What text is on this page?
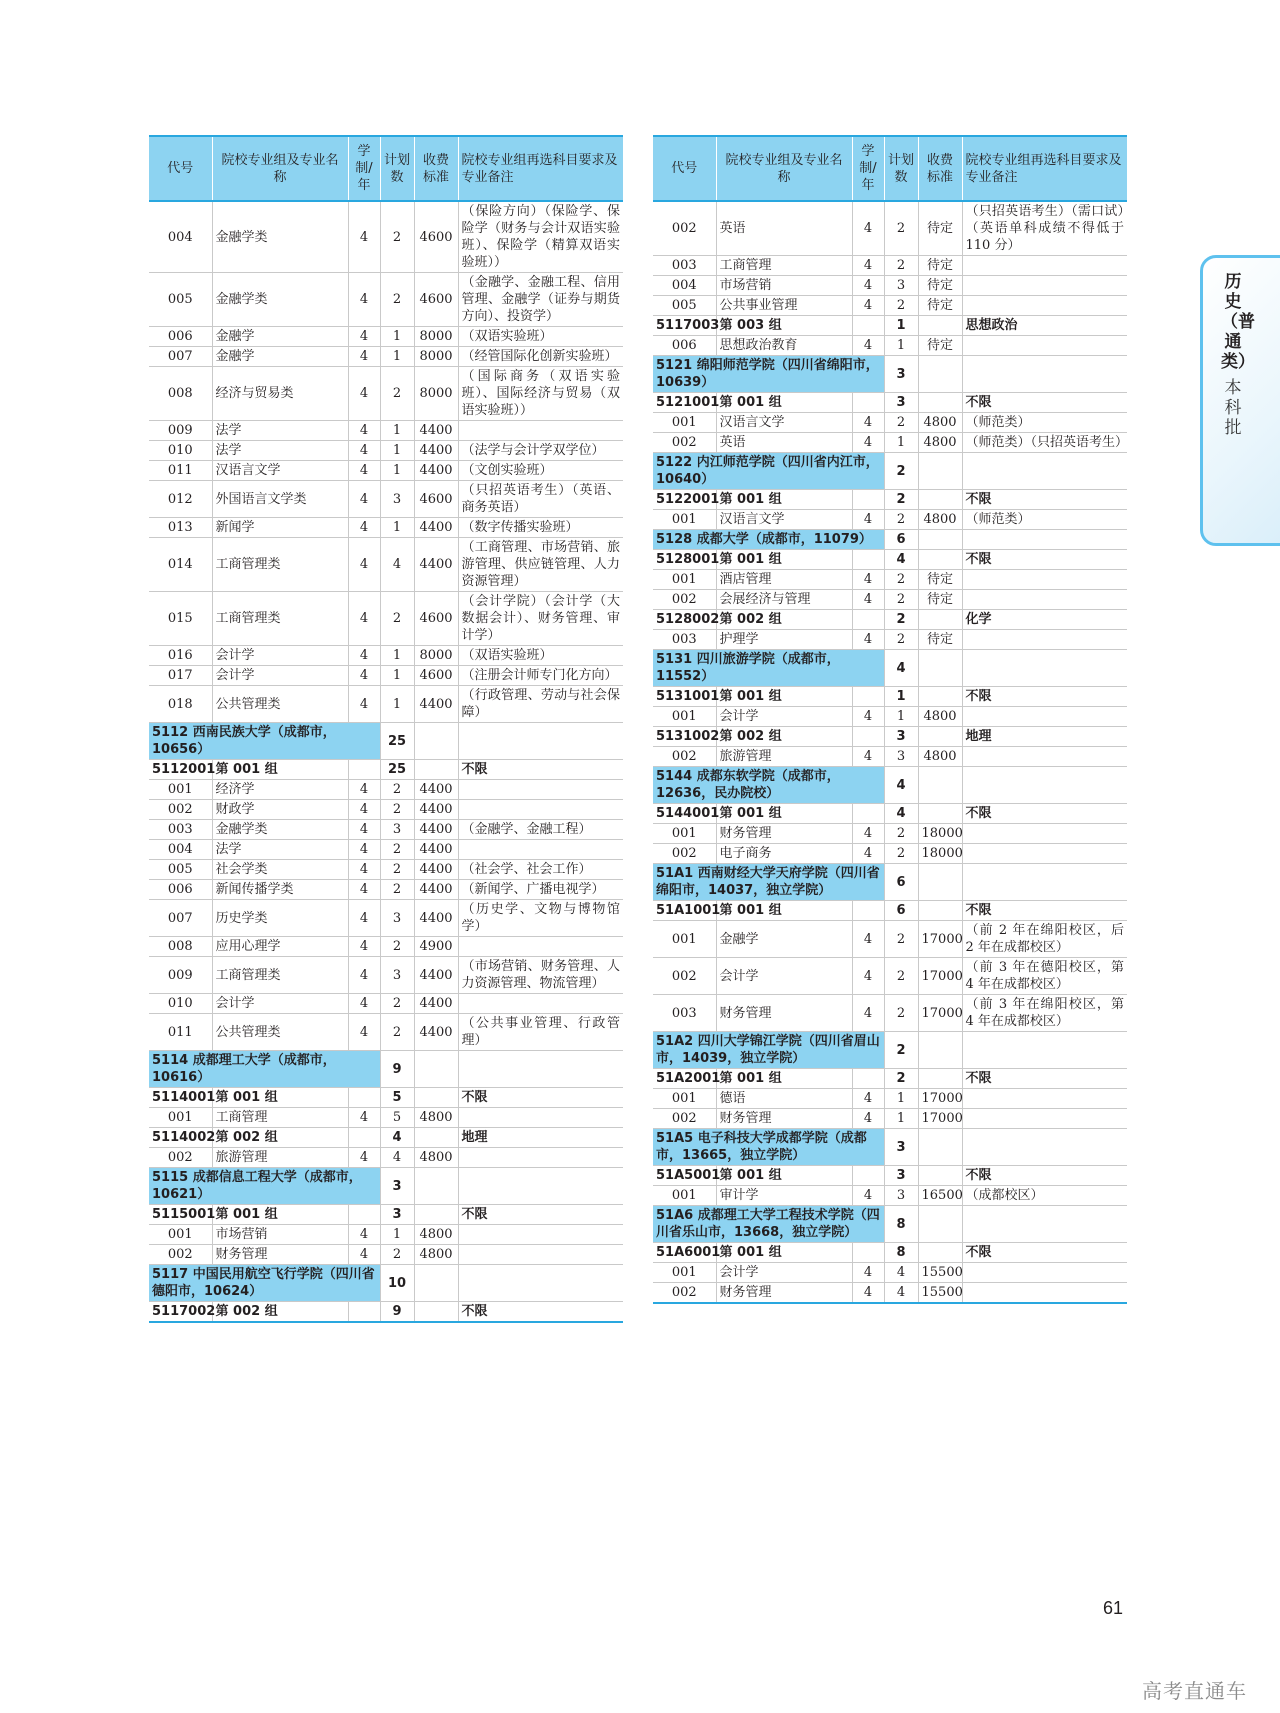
代号	院校专业组及专业名称	学制/年	计划数	收费标准	院校专业组再选科目要求及专业备注
004	金融学类	4	2	4600	（保险方向）（保险学、保险学（财务与会计双语实验班）、保险学（精算双语实验班））
005	金融学类	4	2	4600	（金融学、金融工程、信用管理、金融学（证券与期货方向）、投资学）
006	金融学	4	1	8000	（双语实验班）
007	金融学	4	1	8000	（经管国际化创新实验班）
008	经济与贸易类	4	2	8000	（国际商务（双语实验班）、国际经济与贸易（双语实验班））
009	法学	4	1	4400	
010	法学	4	1	4400	（法学与会计学双学位）
011	汉语言文学	4	1	4400	（文创实验班）
012	外国语言文学类	4	3	4600	（只招英语考生）（英语、商务英语）
013	新闻学	4	1	4400	（数字传播实验班）
014	工商管理类	4	4	4400	（工商管理、市场营销、旅游管理、供应链管理、人力资源管理）
015	工商管理类	4	2	4600	（会计学院）（会计学（大数据会计）、财务管理、审计学）
016	会计学	4	1	8000	（双语实验班）
017	会计学	4	1	4600	（注册会计师专门化方向）
018	公共管理类	4	1	4400	（行政管理、劳动与社会保障）
5112 西南民族大学（成都市，10656）			25		
5112001	第 001 组		25		不限
001	经济学	4	2	4400	
002	财政学	4	2	4400	
003	金融学类	4	3	4400	（金融学、金融工程）
004	法学	4	2	4400	
005	社会学类	4	2	4400	（社会学、社会工作）
006	新闻传播学类	4	2	4400	（新闻学、广播电视学）
007	历史学类	4	3	4400	（历史学、文物与博物馆学）
008	应用心理学	4	2	4900	
009	工商管理类	4	3	4400	（市场营销、财务管理、人力资源管理、物流管理）
010	会计学	4	2	4400	
011	公共管理类	4	2	4400	（公共事业管理、行政管理）
5114 成都理工大学（成都市，10616）			9		
5114001	第 001 组		5		不限
001	工商管理	4	5	4800	
5114002	第 002 组		4		地理
002	旅游管理	4	4	4800	
5115 成都信息工程大学（成都市，10621）			3		
5115001	第 001 组		3		不限
001	市场营销	4	1	4800	
002	财务管理	4	2	4800	
5117 中国民用航空飞行学院（四川省德阳市，10624）			10		
5117002	第 002 组		9		不限
代号	院校专业组及专业名称	学制/年	计划数	收费标准	院校专业组再选科目要求及专业备注
002	英语	4	2	待定	（只招英语考生）（需口试）（英语单科成绩不得低于 110 分）
003	工商管理	4	2	待定	
004	市场营销	4	3	待定	
005	公共事业管理	4	2	待定	
5117003	第 003 组		1		思想政治
006	思想政治教育	4	1	待定	
5121 绵阳师范学院（四川省绵阳市，10639）			3		
5121001	第 001 组		3		不限
001	汉语言文学	4	2	4800	（师范类）
002	英语	4	1	4800	（师范类）（只招英语考生）
5122 内江师范学院（四川省内江市，10640）			2		
5122001	第 001 组		2		不限
001	汉语言文学	4	2	4800	（师范类）
5128 成都大学（成都市，11079）			6		
5128001	第 001 组		4		不限
001	酒店管理	4	2	待定	
002	会展经济与管理	4	2	待定	
5128002	第 002 组		2		化学
003	护理学	4	2	待定	
5131 四川旅游学院（成都市，11552）			4		
5131001	第 001 组		1		不限
001	会计学	4	1	4800	
5131002	第 002 组		3		地理
002	旅游管理	4	3	4800	
5144 成都东软学院（成都市，12636，民办院校）			4		
5144001	第 001 组		4		不限
001	财务管理	4	2	18000	
002	电子商务	4	2	18000	
51A1 西南财经大学天府学院（四川省绵阳市，14037，独立学院）			6		
51A1001	第 001 组		6		不限
001	金融学	4	2	17000	（前 2 年在绵阳校区，后 2 年在成都校区）
002	会计学	4	2	17000	（前 3 年在德阳校区，第 4 年在成都校区）
003	财务管理	4	2	17000	（前 3 年在绵阳校区，第 4 年在成都校区）
51A2 四川大学锦江学院（四川省眉山市，14039，独立学院）			2		
51A2001	第 001 组		2		不限
001	德语	4	1	17000	
002	财务管理	4	1	17000	
51A5 电子科技大学成都学院（成都市，13665，独立学院）			3		
51A5001	第 001 组		3		不限
001	审计学	4	3	16500	（成都校区）
51A6 成都理工大学工程技术学院（四川省乐山市，13668，独立学院）			8		
51A6001	第 001 组		8		不限
001	会计学	4	4	15500	
002	财务管理	4	4	15500	
历史（普通类）
本科批
61
高考直通车
